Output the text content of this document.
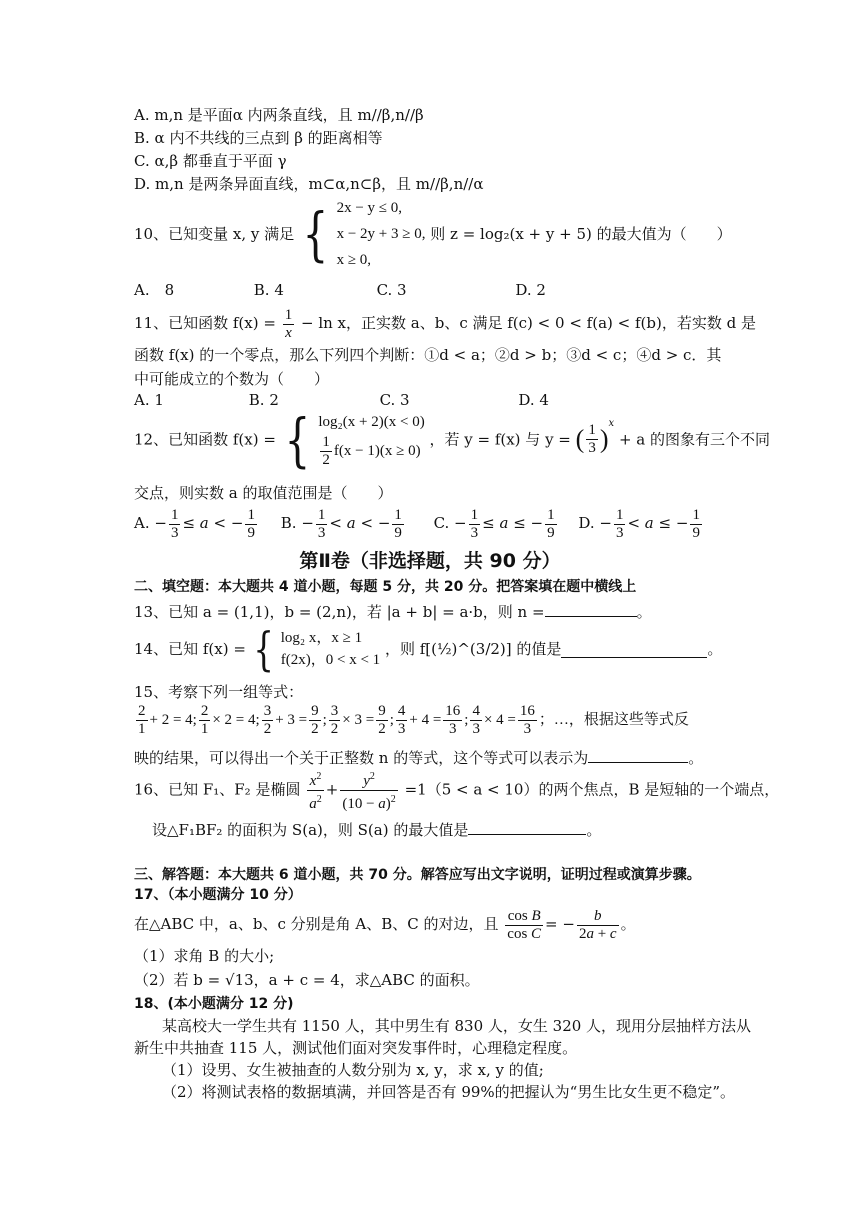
A. m,n 是平面α 内两条直线，且 m//β,n//β
B. α 内不共线的三点到 β 的距离相等
C. α,β 都垂直于平面 γ
D. m,n 是两条异面直线，m⊂α,n⊂β，且 m//β,n//α
10、已知变量 x, y 满足 { 2x − y ≤ 0,
x − 2y + 3 ≥ 0,
x ≥ 0,
则 z = log₂(x + y + 5) 的最大值为（　　）
A.　8	B. 4	C. 3	D. 2
11、已知函数 $f(x) = \frac{1}{x} - \ln x$，正实数 a、b、c 满足 f(c) < 0 < f(a) < f(b)，若实数 d 是
函数 f(x) 的一个零点，那么下列四个判断：①d < a；②d > b；③d < c；④d > c．其
中可能成立的个数为（　　）
A. 1	B. 2	C. 3	D. 4
12、已知函数 f(x) = { log₂(x + 2)(x < 0)
$\frac{1}{2} f(x - 1)(x \ge 0)$
，若 y = f(x) 与 y = ( $\frac{1}{3} )^x + a$ 的图象有三个不同
交点，则实数 a 的取值范围是（　　）
A. − $\frac{1}{3} \le a$ < − $\frac{1}{9} B$. − $\frac{1}{3} < a$ < − $\frac{1}{9} C$. − $\frac{1}{3} \le a$ ≤ − $\frac{1}{9} D$. − $\frac{1}{3} < a$ ≤ − $\frac{1}{9}$
第Ⅱ卷（非选择题，共 90 分）
二、填空题：本大题共 4 道小题，每题 5 分，共 20 分。把答案填在题中横线上
13、已知 a = (1,1)，b = (2,n)，若 |a + b| = a·b，则 n =	。
14、已知 f(x) = { log₂ x，x ≥ 1
f(2x)，0 < x < 1
，则 f[(½)^(3/2)] 的值是	。
15、考察下列一组等式：
$\frac{2}{1} + 2 = 4$; $\frac{2}{1} \times 2 = 4$; $\frac{3}{2} + 3 = \frac{9}{2}$ ; $\frac{3}{2} \times 3 = \frac{9}{2}$ ; $\frac{4}{3} + 4 = \frac{16}{3}$ ; $\frac{4}{3} \times 4 = \frac{16}{3}$ ；…，根据这些等式反
映的结果，可以得出一个关于正整数 n 的等式，这个等式可以表示为	。
16、已知 F₁、F₂ 是椭圆 $\frac{x^2}{a^2} + \frac{y^2}{(10 - a)^2} =1(5 < a < 10)$的两个焦点，B 是短轴的一个端点，
设△F₁BF₂ 的面积为 S(a)，则 S(a) 的最大值是	。
三、解答题：本大题共 6 道小题，共 70 分。解答应写出文字说明，证明过程或演算步骤。
17、（本小题满分 10 分）
在△ABC 中，a、b、c 分别是角 A、B、C 的对边，且 $\frac{\text{cos B}}{\text{cos C}}$ = − $\frac{b}{2a + c}$ 。
（1）求角 B 的大小;
（2）若 b = √13，a + c = 4，求△ABC 的面积。
18、(本小题满分 12 分)
某高校大一学生共有 1150 人，其中男生有 830 人，女生 320 人，现用分层抽样方法从
新生中共抽查 115 人，测试他们面对突发事件时，心理稳定程度。
（1）设男、女生被抽查的人数分别为 x, y，求 x, y 的值;
（2）将测试表格的数据填满，并回答是否有 99%的把握认为“男生比女生更不稳定”。
